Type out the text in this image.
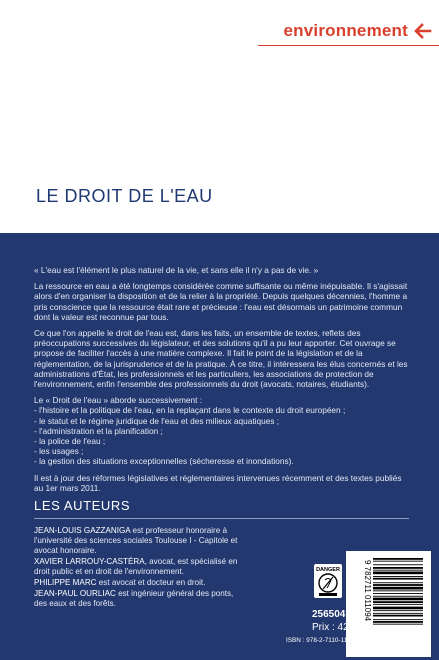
environnement
LE DROIT DE L'EAU

« L'eau est l'élément le plus naturel de la vie, et sans elle il n'y a pas de vie. »

La ressource en eau a été longtemps considérée comme suffisante ou même inépuisable. Il s'agissait alors d'en organiser la disposition et de la relier à la propriété. Depuis quelques décennies, l'homme a pris conscience que la ressource était rare et précieuse : l'eau est désormais un patrimoine commun dont la valeur est reconnue par tous.

Ce que l'on appelle le droit de l'eau est, dans les faits, un ensemble de textes, reflets des préoccupations successives du législateur, et des solutions qu'il a pu leur apporter. Cet ouvrage se propose de faciliter l'accès à une matière complexe. Il fait le point de la législation et de la réglementation, de la jurisprudence et de la pratique. À ce titre, il intéressera les élus concernés et les administrations d'État, les professionnels et les particuliers, les associations de protection de l'environnement, enfin l'ensemble des professionnels du droit (avocats, notaires, étudiants).

Le « Droit de l'eau » aborde successivement :

- l'histoire et la politique de l'eau, en la replaçant dans le contexte du droit européen ;
- le statut et le régime juridique de l'eau et des milieux aquatiques ;
- l'administration et la planification ;
- la police de l'eau ;
- les usages ;
- la gestion des situations exceptionnelles (sécheresse et inondations).

Il est à jour des réformes législatives et réglementaires intervenues récemment et des textes publiés au 1er mars 2011.

LES AUTEURS
JEAN-LOUIS GAZZANIGA est professeur honoraire à l'université des sciences sociales Toulouse I - Capitole et avocat honoraire.
XAVIER LARROUY-CASTÉRA, avocat, est spécialisé en droit public et en droit de l'environnement.
PHILIPPE MARC est avocat et docteur en droit.
JEAN-PAUL OURLIAC est ingénieur général des ponts, des eaux et des forêts.
DANGER	9 782711 011094
256504
Prix : 42 €
ISBN : 978-2-7110-1109-4
www.lexisnexis.fr
